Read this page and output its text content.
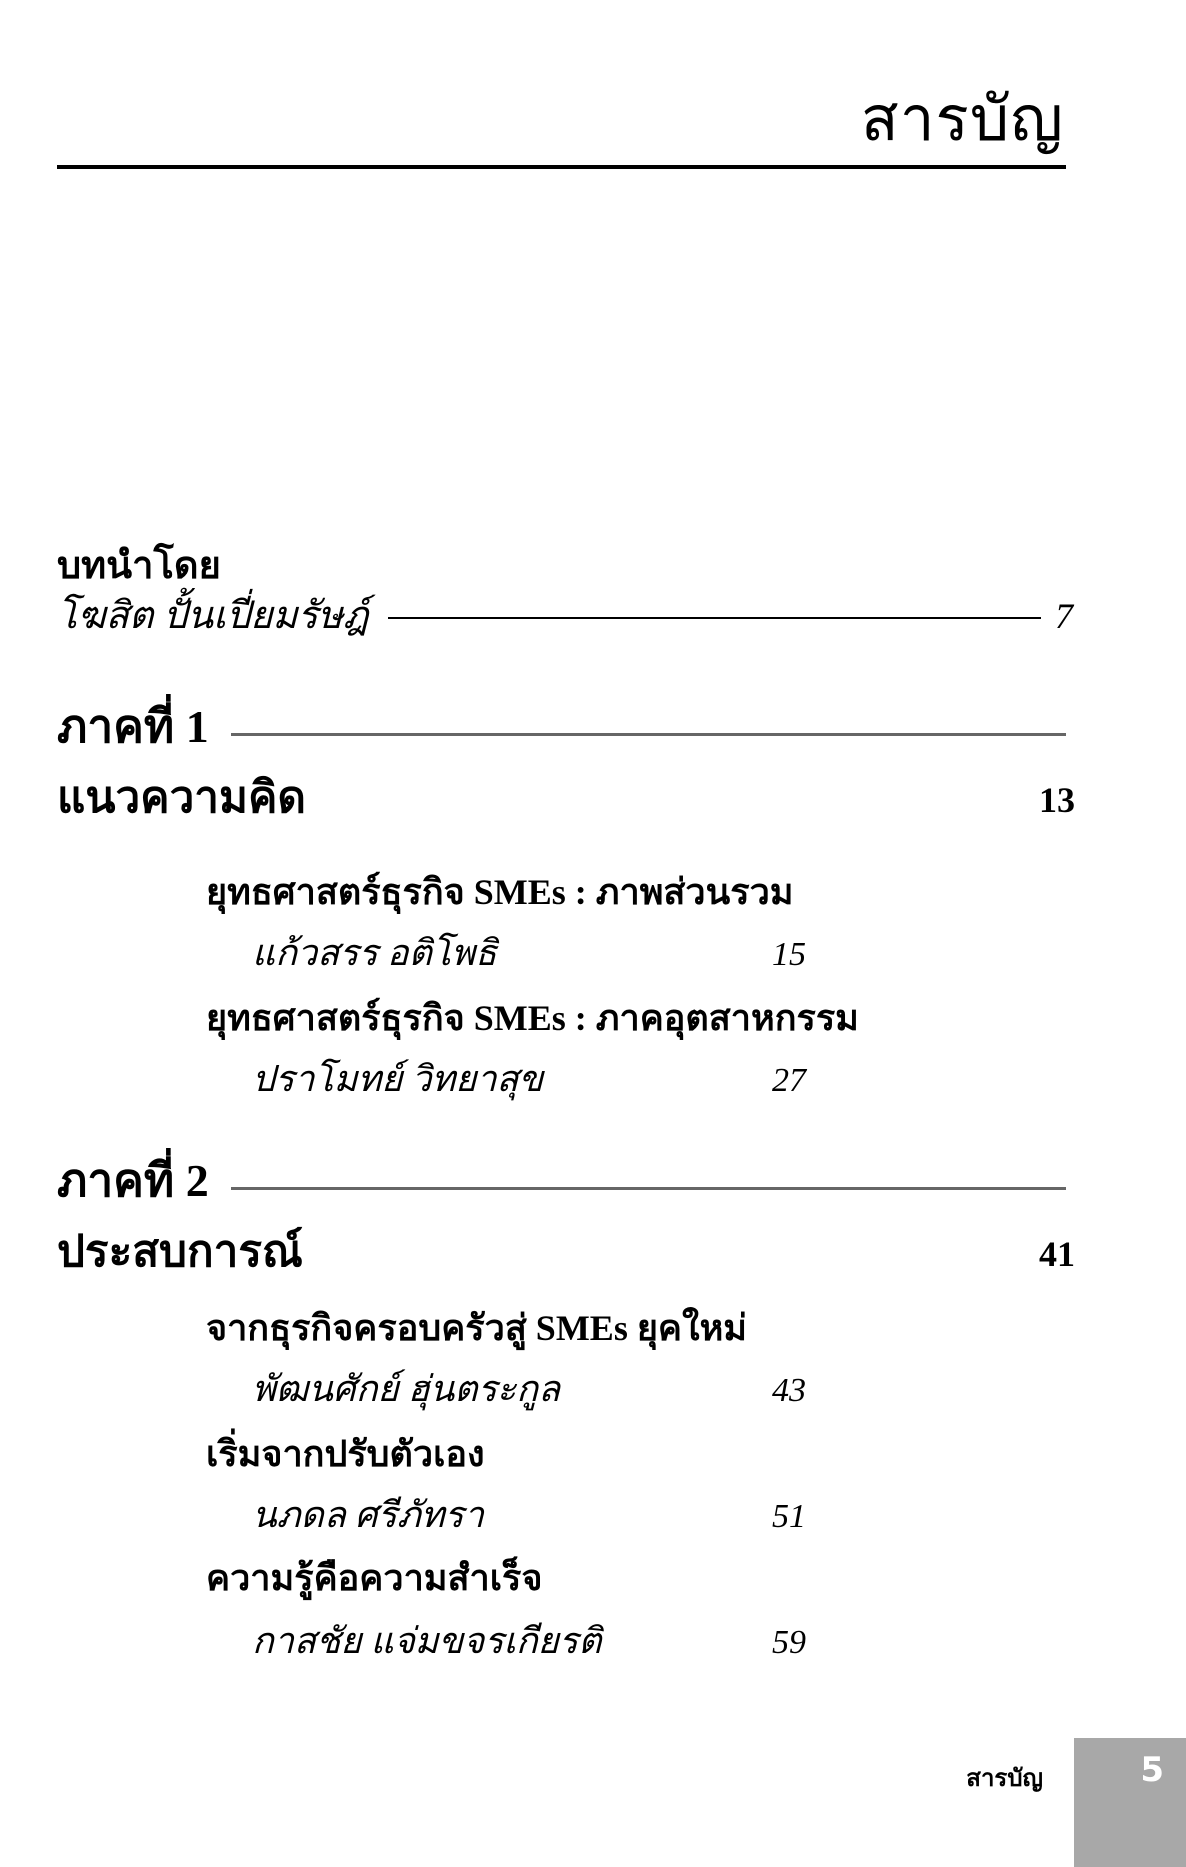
สารบัญ
บทนำโดย
โฆสิต ปั้นเปี่ยมรัษฎ์	7
ภาคที่ 1
แนวความคิด	13
ยุทธศาสตร์ธุรกิจ SMEs : ภาพส่วนรวม
แก้วสรร อติโพธิ	15
ยุทธศาสตร์ธุรกิจ SMEs : ภาคอุตสาหกรรม
ปราโมทย์ วิทยาสุข	27
ภาคที่ 2
ประสบการณ์	41
จากธุรกิจครอบครัวสู่ SMEs ยุคใหม่
พัฒนศักย์ ฮุ่นตระกูล	43
เริ่มจากปรับตัวเอง
นภดล ศรีภัทรา	51
ความรู้คือความสำเร็จ
กาสชัย แจ่มขจรเกียรติ	59
สารบัญ	5
